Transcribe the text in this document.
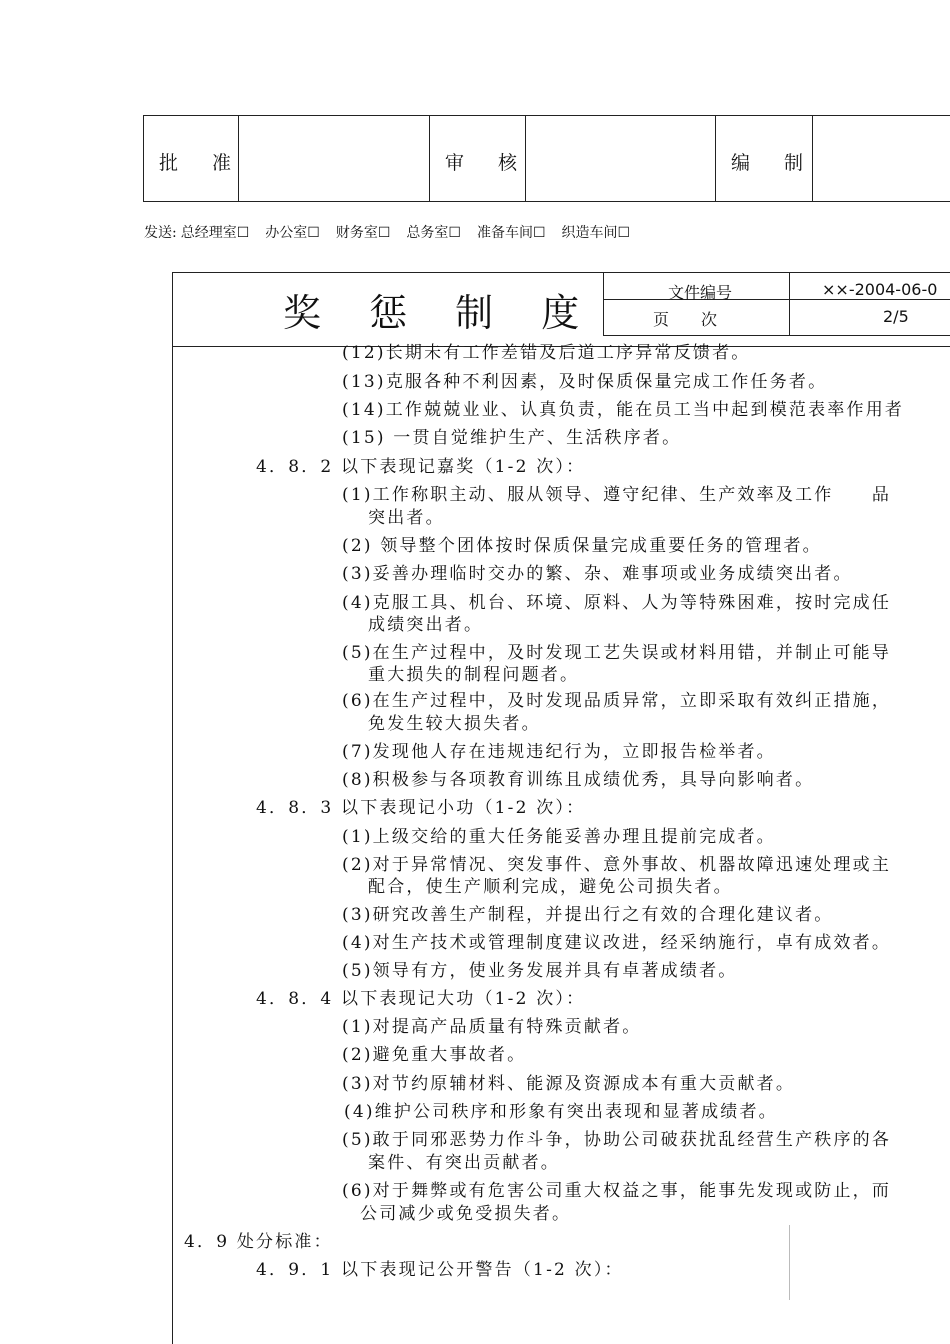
批 准	审 核	编 制
发送: 总经理室☐ 办公室☐ 财务室☐ 总务室☐ 准备车间☐ 织造车间☐
奖 惩 制 度	文件编号	××-2004-06-0
页　　次	2/5
(12)长期未有工作差错及后道工序异常反馈者。
(13)克服各种不利因素，及时保质保量完成工作任务者。
(14)工作兢兢业业、认真负责，能在员工当中起到模范表率作用者
(15) 一贯自觉维护生产、生活秩序者。
4．8．2 以下表现记嘉奖（1-2 次）：
(1)工作称职主动、服从领导、遵守纪律、生产效率及工作　　品
突出者。
(2) 领导整个团体按时保质保量完成重要任务的管理者。
(3)妥善办理临时交办的繁、杂、难事项或业务成绩突出者。
(4)克服工具、机台、环境、原料、人为等特殊困难，按时完成任
成绩突出者。
(5)在生产过程中，及时发现工艺失误或材料用错，并制止可能导
重大损失的制程问题者。
(6)在生产过程中，及时发现品质异常，立即采取有效纠正措施，
免发生较大损失者。
(7)发现他人存在违规违纪行为，立即报告检举者。
(8)积极参与各项教育训练且成绩优秀，具导向影响者。
4．8．3 以下表现记小功（1-2 次）：
(1)上级交给的重大任务能妥善办理且提前完成者。
(2)对于异常情况、突发事件、意外事故、机器故障迅速处理或主
配合，使生产顺利完成，避免公司损失者。
(3)研究改善生产制程，并提出行之有效的合理化建议者。
(4)对生产技术或管理制度建议改进，经采纳施行，卓有成效者。
(5)领导有方，使业务发展并具有卓著成绩者。
4．8．4 以下表现记大功（1-2 次）：
(1)对提高产品质量有特殊贡献者。
(2)避免重大事故者。
(3)对节约原辅材料、能源及资源成本有重大贡献者。
(4)维护公司秩序和形象有突出表现和显著成绩者。
(5)敢于同邪恶势力作斗争，协助公司破获扰乱经营生产秩序的各
案件、有突出贡献者。
(6)对于舞弊或有危害公司重大权益之事，能事先发现或防止，而
公司减少或免受损失者。
4．9 处分标准：
4．9．1 以下表现记公开警告（1-2 次）：
